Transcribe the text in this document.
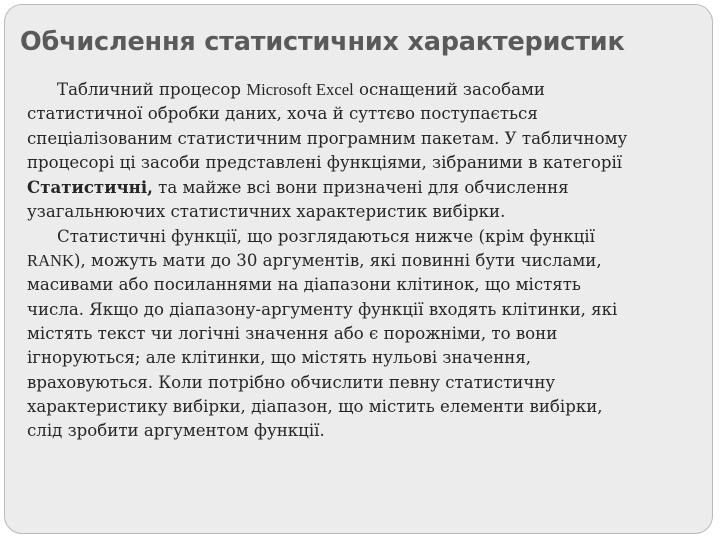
Обчислення статистичних характеристик
Табличний процесор Microsoft Excel оснащений засобами
статистичної обробки даних, хоча й суттєво поступається
спеціалізованим статистичним програмним пакетам. У табличному
процесорі ці засоби представлені функціями, зібраними в категорії
Статистичні, та майже всі вони призначені для обчислення
узагальнюючих статистичних характеристик вибірки.
Статистичні функції, що розглядаються нижче (крім функції
RANK), можуть мати до 30 аргументів, які повинні бути числами,
масивами або посиланнями на діапазони клітинок, що містять
числа. Якщо до діапазону-аргументу функції входять клітинки, які
містять текст чи логічні значення або є порожніми, то вони
ігноруються; але клітинки, що містять нульові значення,
враховуються. Коли потрібно обчислити певну статистичну
характеристику вибірки, діапазон, що містить елементи вибірки,
слід зробити аргументом функції.
